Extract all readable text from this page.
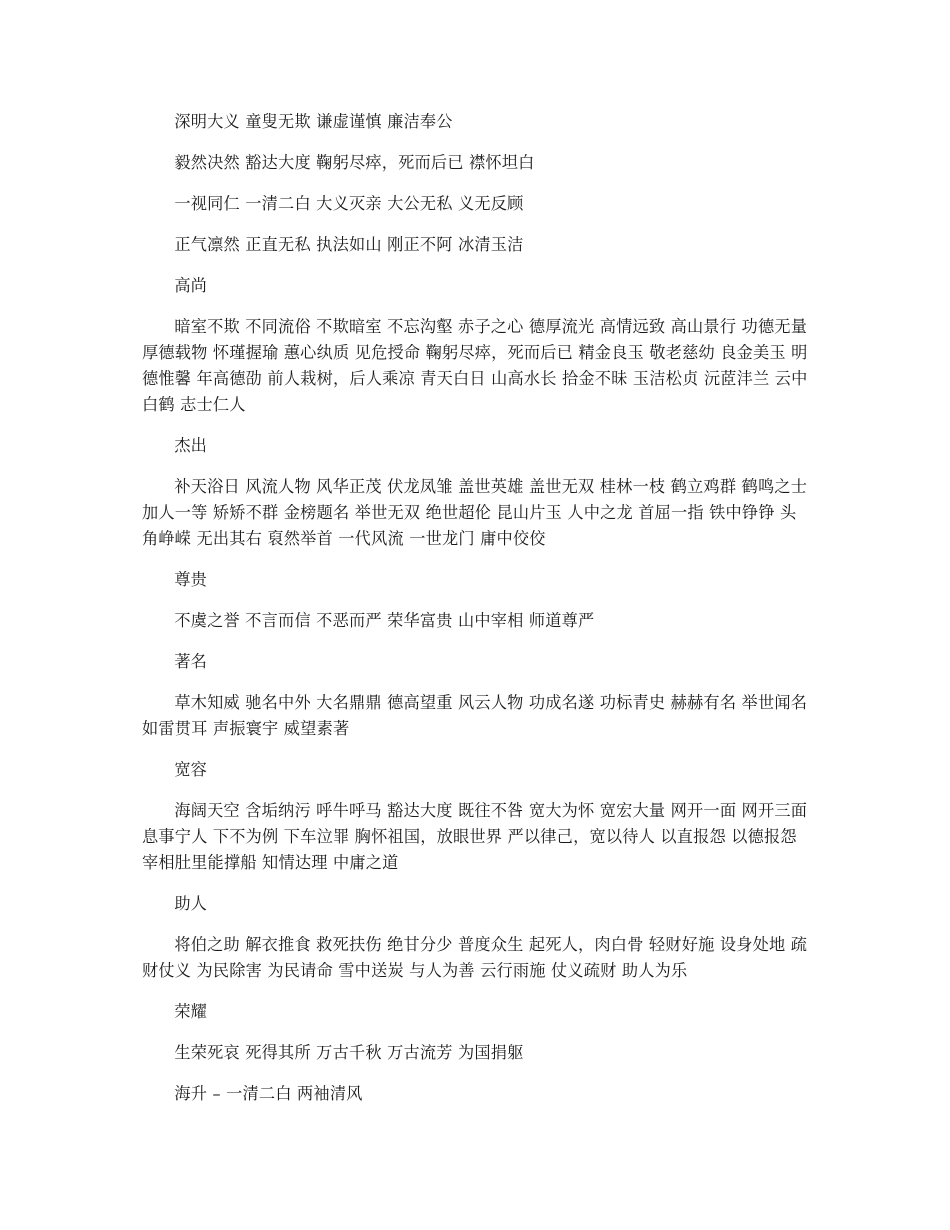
深明大义 童叟无欺 谦虚谨慎 廉洁奉公

毅然决然 豁达大度 鞠躬尽瘁，死而后已 襟怀坦白

一视同仁 一清二白 大义灭亲 大公无私 义无反顾

正气凛然 正直无私 执法如山 刚正不阿 冰清玉洁

高尚

暗室不欺 不同流俗 不欺暗室 不忘沟壑 赤子之心 德厚流光 高情远致 高山景行 功德无量 厚德载物 怀瑾握瑜 蕙心纨质 见危授命 鞠躬尽瘁，死而后已 精金良玉 敬老慈幼 良金美玉 明德惟馨 年高德劭 前人栽树，后人乘凉 青天白日 山高水长 拾金不昧 玉洁松贞 沅茝沣兰 云中白鹤 志士仁人

杰出

补天浴日 风流人物 风华正茂 伏龙凤雏 盖世英雄 盖世无双 桂林一枝 鹤立鸡群 鹤鸣之士 加人一等 矫矫不群 金榜题名 举世无双 绝世超伦 昆山片玉 人中之龙 首屈一指 铁中铮铮 头角峥嵘 无出其右 裒然举首 一代风流 一世龙门 庸中佼佼

尊贵

不虞之誉 不言而信 不恶而严 荣华富贵 山中宰相 师道尊严

著名

草木知威 驰名中外 大名鼎鼎 德高望重 风云人物 功成名遂 功标青史 赫赫有名 举世闻名 如雷贯耳 声振寰宇 威望素著

宽容

海阔天空 含垢纳污 呼牛呼马 豁达大度 既往不咎 宽大为怀 宽宏大量 网开一面 网开三面 息事宁人 下不为例 下车泣罪 胸怀祖国，放眼世界 严以律己，宽以待人 以直报怨 以德报怨 宰相肚里能撑船 知情达理 中庸之道

助人

将伯之助 解衣推食 救死扶伤 绝甘分少 普度众生 起死人，肉白骨 轻财好施 设身处地 疏财仗义 为民除害 为民请命 雪中送炭 与人为善 云行雨施 仗义疏财 助人为乐

荣耀

生荣死哀 死得其所 万古千秋 万古流芳 为国捐躯

海升 – 一清二白 两袖清风
